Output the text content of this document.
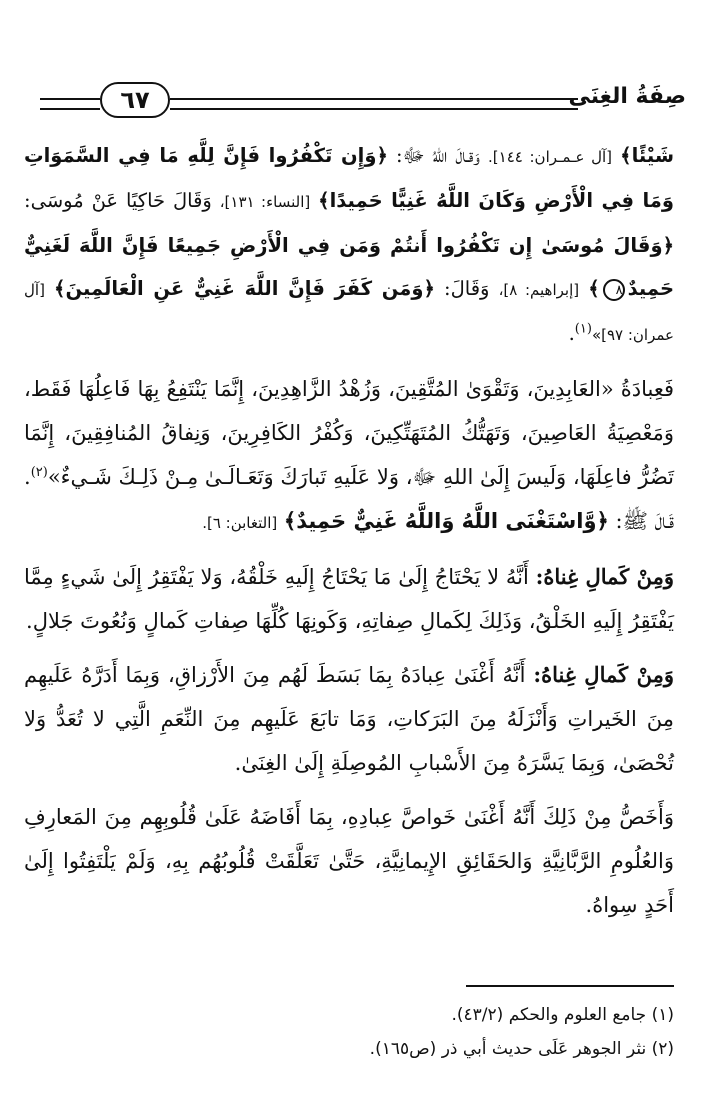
صِفَةُ الغِنَى
٦٧

شَيْئًا﴾ [آل عـمـران: ١٤٤]. وَقـالَ اللهُ ﷻ: ﴿وَإِن تَكْفُرُوا فَإِنَّ لِلَّهِ مَا فِي السَّمَوَاتِ وَمَا فِي الْأَرْضِ وَكَانَ اللَّهُ غَنِيًّا حَمِيدًا﴾ [النساء: ١٣١]، وَقَالَ حَاكِيًا عَنْ مُوسَى: ﴿وَقَالَ مُوسَىٰ إِن تَكْفُرُوا أَنتُمْ وَمَن فِي الْأَرْضِ جَمِيعًا فَإِنَّ اللَّهَ لَغَنِيٌّ حَمِيدٌ٨﴾ [إبراهيم: ٨]، وَقَالَ: ﴿وَمَن كَفَرَ فَإِنَّ اللَّهَ غَنِيٌّ عَنِ الْعَالَمِينَ﴾ [آل عمران: ٩٧]»$^{(١)}$.

فَعِبادَةُ «العَابِدِينَ، وَتَقْوَىٰ المُتَّقِينَ، وَزُهْدُ الزَّاهِدِينَ، إِنَّمَا يَنْتَفِعُ بِهَا فَاعِلُهَا فَقَط، وَمَعْصِيَةُ العَاصِينَ، وَتَهَتُّكُ المُتَهَتِّكِينَ، وَكُفْرُ الكَافِرِينَ، وَنِفاقُ المُنافِقِينَ، إِنَّمَا تَضُرُّ فاعِلَهَا، وَلَيسَ إِلَىٰ اللهِ ﷻ، وَلا عَلَيهِ تَبارَكَ وَتَعَـالَـىٰ مِـنْ ذَلِـكَ شَـيءٌ»$^{(٢)}$. قَـالَ ﷺ: ﴿وَّاسْتَغْنَى اللَّهُ وَاللَّهُ غَنِيٌّ حَمِيدٌ﴾ [التغابن: ٦].

وَمِنْ كَمالِ غِناهُ: أَنَّهُ لا يَحْتَاجُ إِلَىٰ مَا يَحْتَاجُ إِلَيهِ خَلْقُهُ، وَلا يَفْتَقِرُ إِلَىٰ شَيءٍ مِمَّا يَفْتَقِرُ إِلَيهِ الخَلْقُ، وَذَلِكَ لِكَمالِ صِفاتِهِ، وَكَونِهَا كُلِّهَا صِفاتِ كَمالٍ وَنُعُوتَ جَلالٍ.

وَمِنْ كَمالِ غِناهُ: أَنَّهُ أَغْنَىٰ عِبادَهُ بِمَا بَسَطَ لَهُم مِنَ الأَرْزاقِ، وَبِمَا أَدَرَّهُ عَلَيهِم مِنَ الخَيراتِ وَأَنْزَلَهُ مِنَ البَرَكاتِ، وَمَا تابَعَ عَلَيهِم مِنَ النِّعَمِ الَّتِي لا تُعَدُّ وَلا تُحْصَىٰ، وَبِمَا يَسَّرَهُ مِنَ الأَسْبابِ المُوصِلَةِ إِلَىٰ الغِنَىٰ.

وَأَخَصُّ مِنْ ذَلِكَ أَنَّهُ أَغْنَىٰ خَواصَّ عِبادِهِ، بِمَا أَفَاضَهُ عَلَىٰ قُلُوبِهِم مِنَ المَعارِفِ وَالعُلُومِ الرَّبَّانِيَّةِ وَالحَقَائِقِ الإِيمانِيَّةِ، حَتَّىٰ تَعَلَّقَتْ قُلُوبُهُم بِهِ، وَلَمْ يَلْتَفِتُوا إِلَىٰ أَحَدٍ سِواهُ.

(١) جامع العلوم والحكم (٤٣/٢).
(٢) نثر الجوهر عَلَى حديث أبي ذر (ص١٦٥).
